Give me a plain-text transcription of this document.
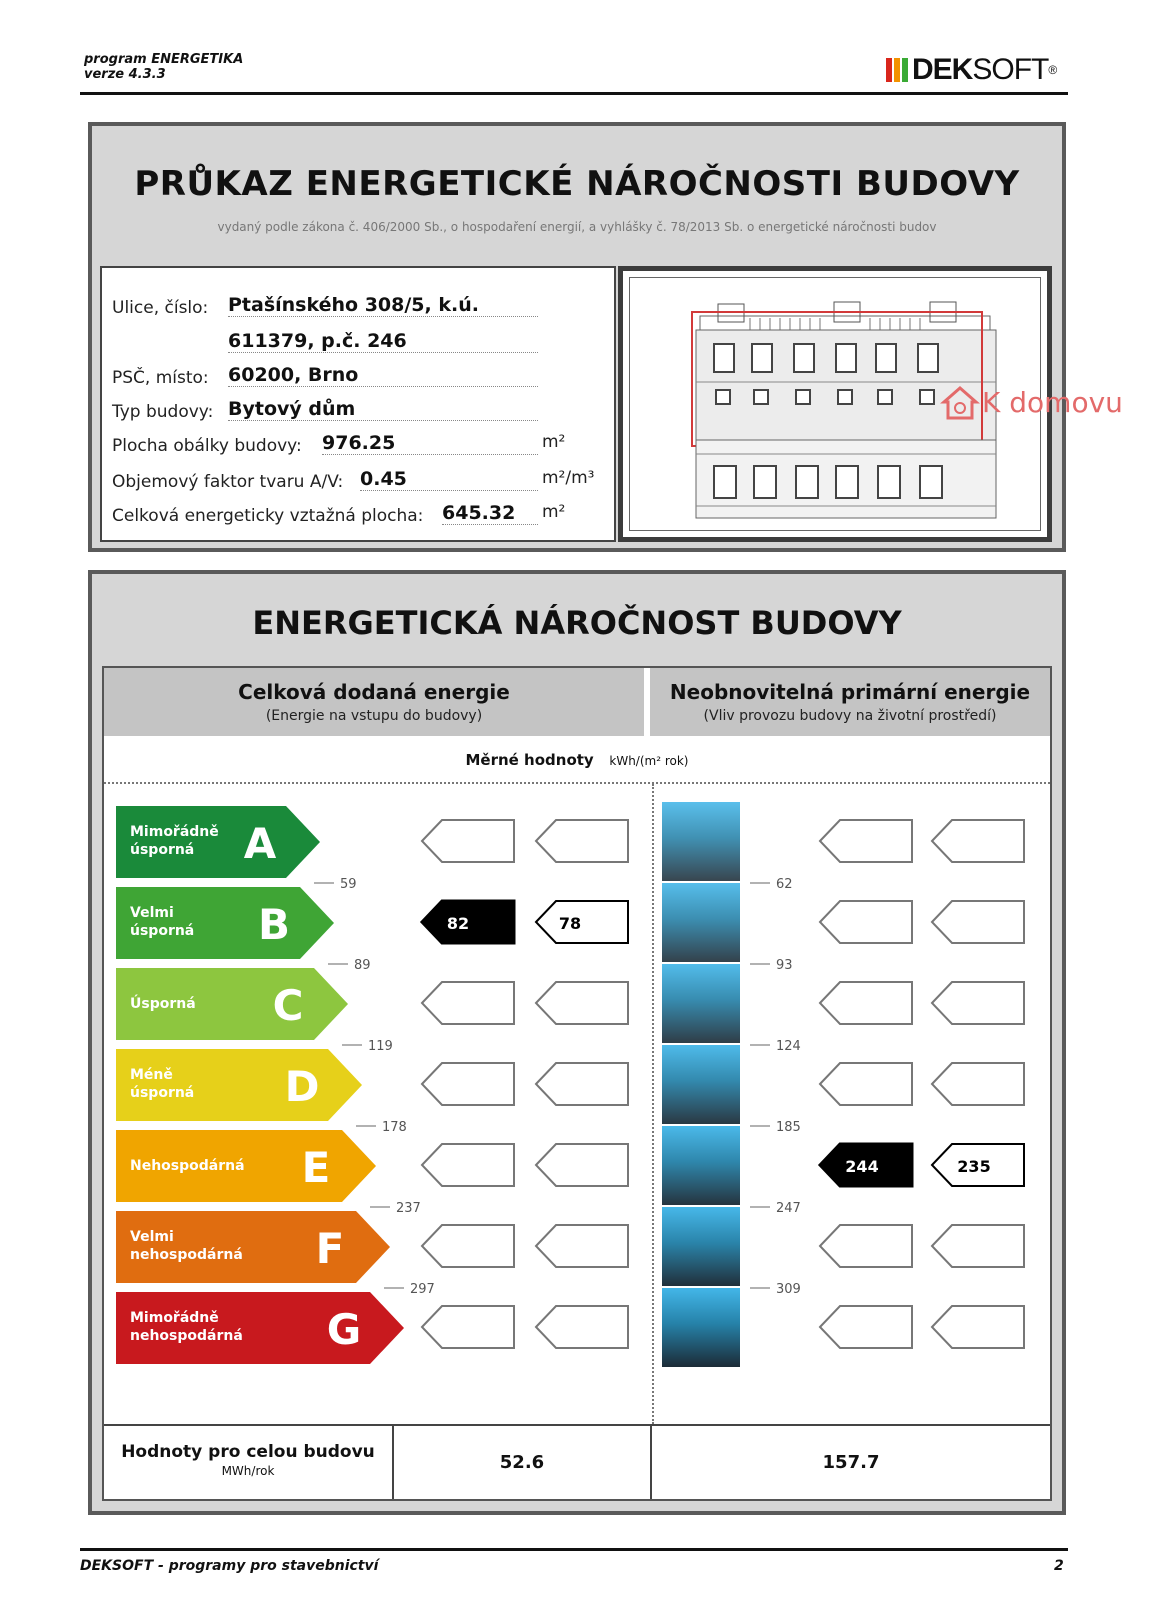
program ENERGETIKA
verze 4.3.3	DEKSOFT®
PRŮKAZ ENERGETICKÉ NÁROČNOSTI BUDOVY
vydaný podle zákona č. 406/2000 Sb., o hospodaření energií, a vyhlášky č. 78/2013 Sb. o energetické náročnosti budov
Ulice, číslo: Ptašínského 308/5, k.ú.
611379, p.č. 246
PSČ, místo: 60200, Brno
Typ budovy: Bytový dům
Plocha obálky budovy: 976.25	m²
Objemový faktor tvaru A/V: 0.45	m²/m³
Celková energeticky vztažná plocha: 645.32	m²
K domovu
ENERGETICKÁ NÁROČNOST BUDOVY
Celková dodaná energie
(Energie na vstupu do budovy)
Neobnovitelná primární energie
(Vliv provozu budovy na životní prostředí)
Měrné hodnoty kWh/(m² rok)
Mimořádně
úsporná A
Velmi
úsporná B	82	78
Úsporná C
Méně
úsporná D
Nehospodárná E	244	235
Velmi
nehospodárná F
Mimořádně
nehospodárná G
59
89
119
178
237
297
62
93
124
185
247
309
Hodnoty pro celou budovu
MWh/rok	52.6	157.7
DEKSOFT - programy pro stavebnictví	2
